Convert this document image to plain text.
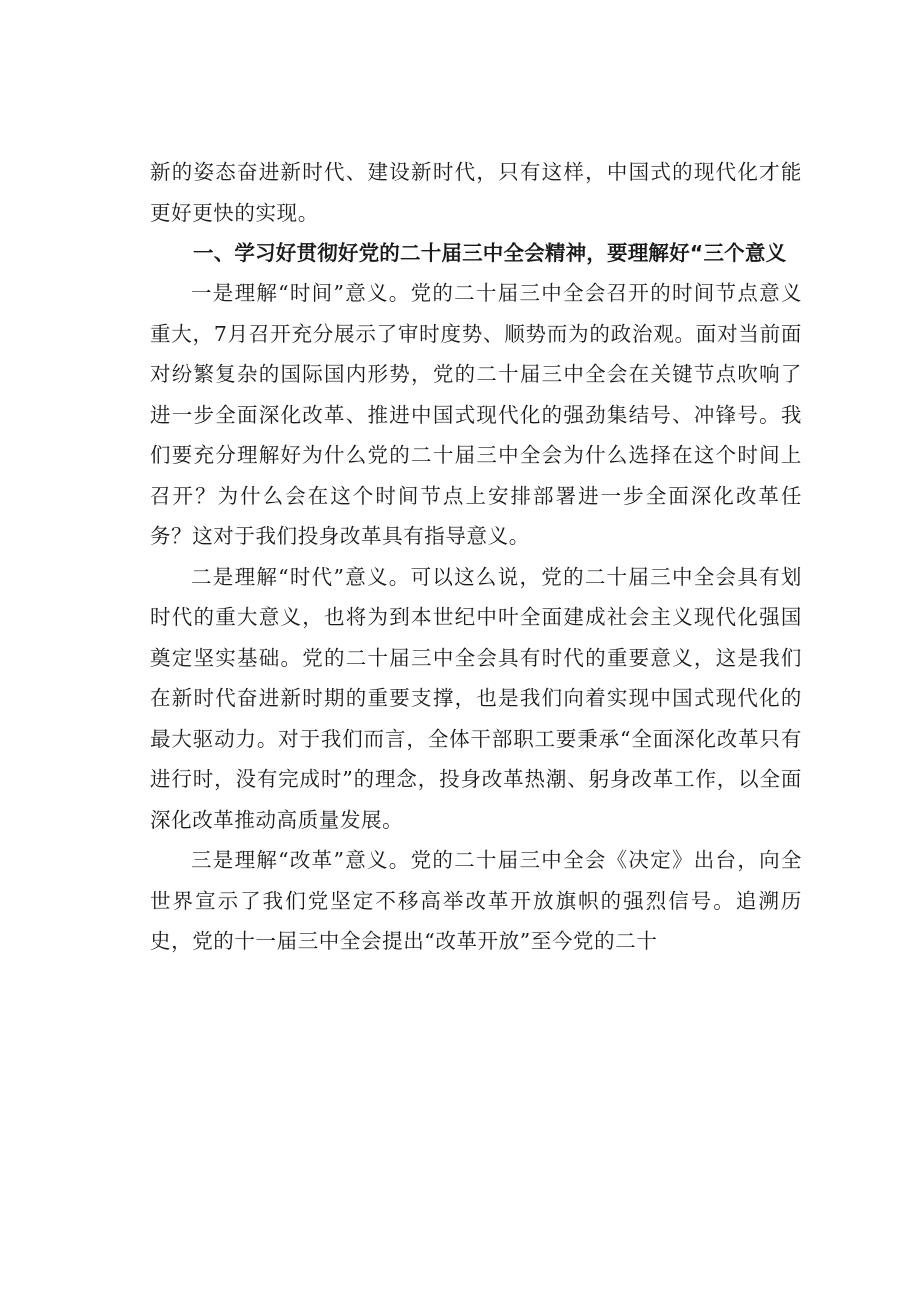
新的姿态奋进新时代、建设新时代，只有这样，中国式的现代化才能更好更快的实现。

一、学习好贯彻好党的二十届三中全会精神，要理解好“三个意义

一是理解“时间”意义。党的二十届三中全会召开的时间节点意义重大，7月召开充分展示了审时度势、顺势而为的政治观。面对当前面对纷繁复杂的国际国内形势，党的二十届三中全会在关键节点吹响了进一步全面深化改革、推进中国式现代化的强劲集结号、冲锋号。我们要充分理解好为什么党的二十届三中全会为什么选择在这个时间上召开？为什么会在这个时间节点上安排部署进一步全面深化改革任务？这对于我们投身改革具有指导意义。

二是理解“时代”意义。可以这么说，党的二十届三中全会具有划时代的重大意义，也将为到本世纪中叶全面建成社会主义现代化强国奠定坚实基础。党的二十届三中全会具有时代的重要意义，这是我们在新时代奋进新时期的重要支撑，也是我们向着实现中国式现代化的最大驱动力。对于我们而言，全体干部职工要秉承“全面深化改革只有进行时，没有完成时”的理念，投身改革热潮、躬身改革工作，以全面深化改革推动高质量发展。

三是理解“改革”意义。党的二十届三中全会《决定》出台，向全世界宣示了我们党坚定不移高举改革开放旗帜的强烈信号。追溯历史，党的十一届三中全会提出“改革开放”至今党的二十
